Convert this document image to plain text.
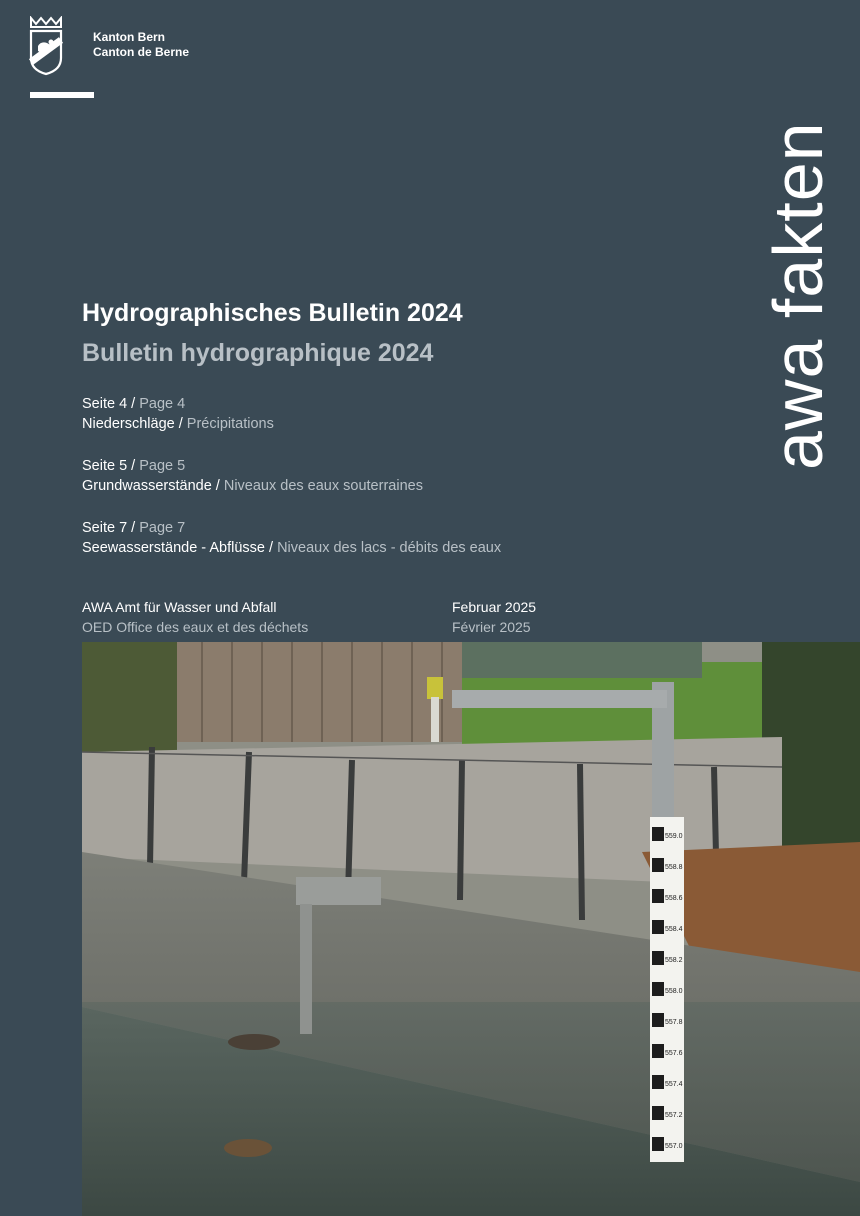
Kanton Bern
Canton de Berne
awa fakten
Hydrographisches Bulletin 2024
Bulletin hydrographique 2024
Seite 4 / Page 4
Niederschläge / Précipitations
Seite 5 / Page 5
Grundwasserstände / Niveaux des eaux souterraines
Seite 7 / Page 7
Seewasserstände - Abflüsse / Niveaux des lacs - débits des eaux
AWA Amt für Wasser und Abfall
OED Office des eaux et des déchets
Februar 2025
Février 2025
559.0
558.8
558.6
558.4
558.2
558.0
557.8
557.6
557.4
557.2
557.0
